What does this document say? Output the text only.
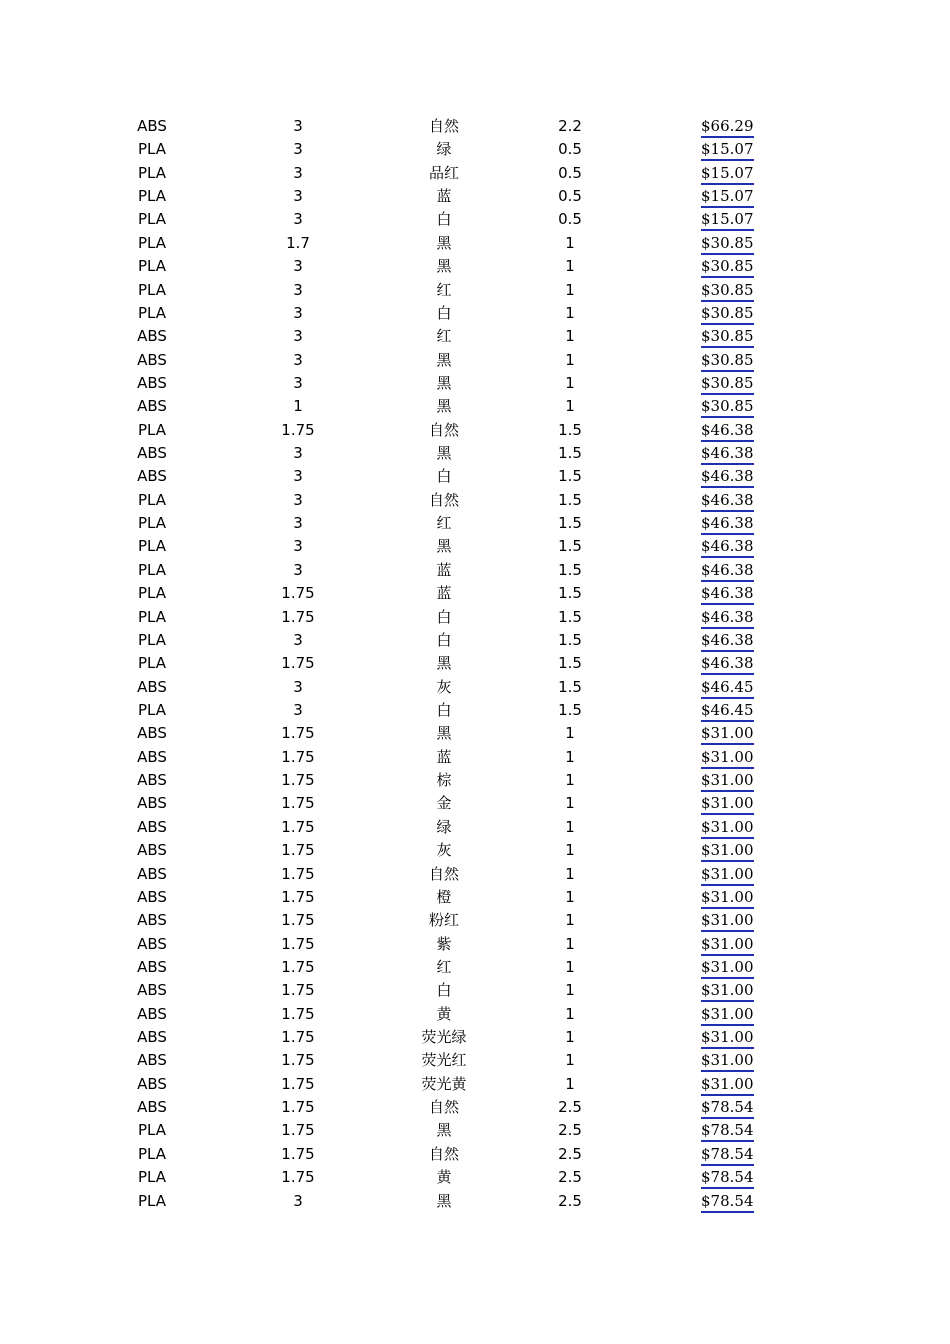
ABS	3	自然	2.2	$66.29
PLA	3	绿	0.5	$15.07
PLA	3	品红	0.5	$15.07
PLA	3	蓝	0.5	$15.07
PLA	3	白	0.5	$15.07
PLA	1.7	黑	1	$30.85
PLA	3	黑	1	$30.85
PLA	3	红	1	$30.85
PLA	3	白	1	$30.85
ABS	3	红	1	$30.85
ABS	3	黑	1	$30.85
ABS	3	黑	1	$30.85
ABS	1	黑	1	$30.85
PLA	1.75	自然	1.5	$46.38
ABS	3	黑	1.5	$46.38
ABS	3	白	1.5	$46.38
PLA	3	自然	1.5	$46.38
PLA	3	红	1.5	$46.38
PLA	3	黑	1.5	$46.38
PLA	3	蓝	1.5	$46.38
PLA	1.75	蓝	1.5	$46.38
PLA	1.75	白	1.5	$46.38
PLA	3	白	1.5	$46.38
PLA	1.75	黑	1.5	$46.38
ABS	3	灰	1.5	$46.45
PLA	3	白	1.5	$46.45
ABS	1.75	黑	1	$31.00
ABS	1.75	蓝	1	$31.00
ABS	1.75	棕	1	$31.00
ABS	1.75	金	1	$31.00
ABS	1.75	绿	1	$31.00
ABS	1.75	灰	1	$31.00
ABS	1.75	自然	1	$31.00
ABS	1.75	橙	1	$31.00
ABS	1.75	粉红	1	$31.00
ABS	1.75	紫	1	$31.00
ABS	1.75	红	1	$31.00
ABS	1.75	白	1	$31.00
ABS	1.75	黄	1	$31.00
ABS	1.75	荧光绿	1	$31.00
ABS	1.75	荧光红	1	$31.00
ABS	1.75	荧光黄	1	$31.00
ABS	1.75	自然	2.5	$78.54
PLA	1.75	黑	2.5	$78.54
PLA	1.75	自然	2.5	$78.54
PLA	1.75	黄	2.5	$78.54
PLA	3	黑	2.5	$78.54
